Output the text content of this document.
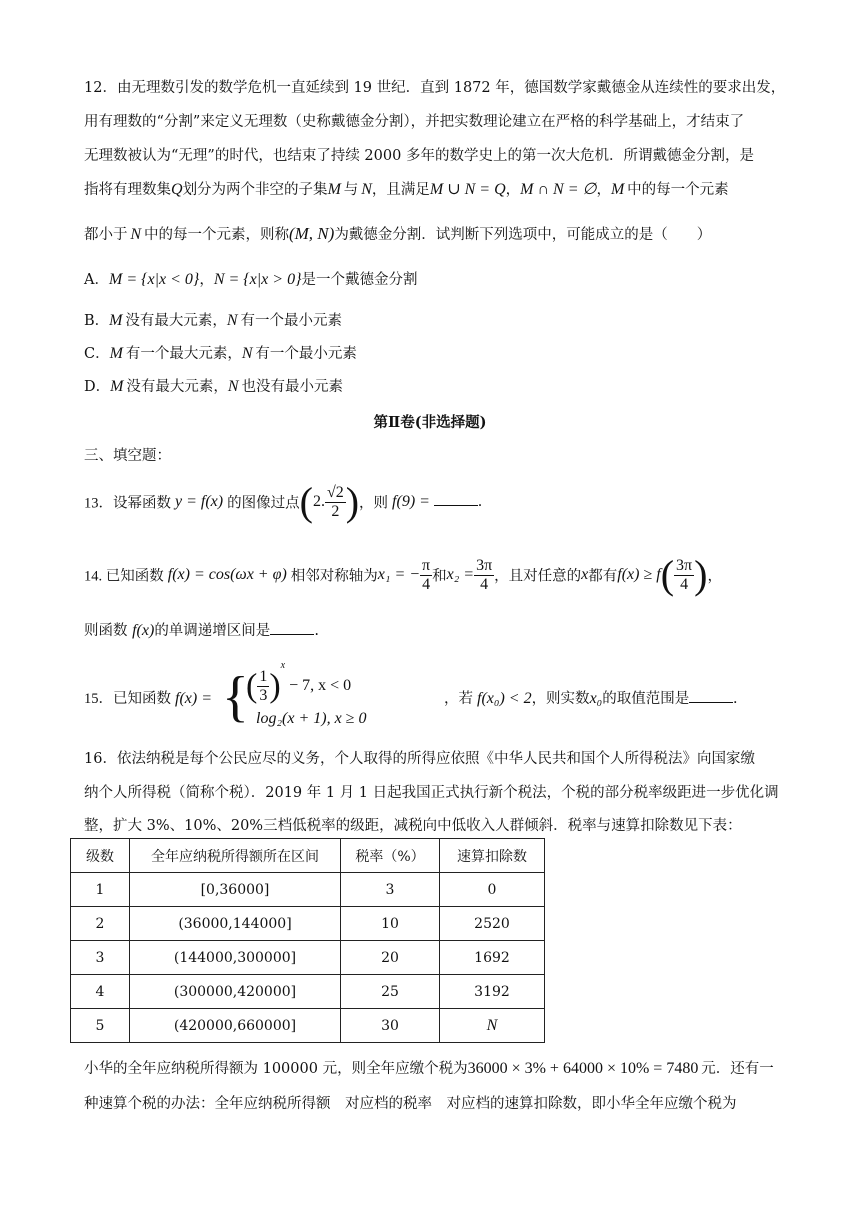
12．由无理数引发的数学危机一直延续到 19 世纪．直到 1872 年，德国数学家戴德金从连续性的要求出发，
用有理数的“分割”来定义无理数（史称戴德金分割），并把实数理论建立在严格的科学基础上，才结束了
无理数被认为“无理”的时代，也结束了持续 2000 多年的数学史上的第一次大危机．所谓戴德金分割，是
指将有理数集Q划分为两个非空的子集M  与  N，且满足M ∪ N = Q，M ∩ N = ∅，M  中的每一个元素
都小于  N  中的每一个元素，则称(M, N)为戴德金分割．试判断下列选项中，可能成立的是（　　）
A．M = {x|x < 0}，N = {x|x > 0}是一个戴德金分割
B．M  没有最大元素，N  有一个最小元素
C．M  有一个最大元素，N  有一个最小元素
D．M  没有最大元素，N  也没有最小元素
第Ⅱ卷(非选择题)
三、填空题：
13．设幂函数 y = f(x) 的图像过点(2. $\frac{√2}{2}$ )，则 f(9) =	.
14. 已知函数 f(x) = cos(ωx + φ) 相邻对称轴为x₁ = − $\frac{\pi}{4}$ 和$x_2 = \frac{3\pi}{4}$ ，且对任意的x都有$f(x) \ge f( \frac{3\pi}{4}$ )，
则函数 f(x)的单调递增区间是	.
15．已知函数 f(x) = {
( $\frac{1}{3} )^x - 7$, x < 0
log₂(x + 1), x ≥ 0
，若 f(x₀) < 2，则实数x₀的取值范围是	.
16．依法纳税是每个公民应尽的义务，个人取得的所得应依照《中华人民共和国个人所得税法》向国家缴
纳个人所得税（简称个税）．2019 年 1 月 1 日起我国正式执行新个税法，个税的部分税率级距进一步优化调
整，扩大 3%、10%、20%三档低税率的级距，减税向中低收入人群倾斜．税率与速算扣除数见下表：
级数	全年应纳税所得额所在区间	税率（%）	速算扣除数
1	[0,36000]	3	0
2	(36000,144000]	10	2520
3	(144000,300000]	20	1692
4	(300000,420000]	25	3192
5	(420000,660000]	30	N
小华的全年应纳税所得额为 100000 元，则全年应缴个税为36000 × 3% + 64000 × 10% = 7480  元．还有一
种速算个税的办法：全年应纳税所得额　对应档的税率　对应档的速算扣除数，即小华全年应缴个税为
